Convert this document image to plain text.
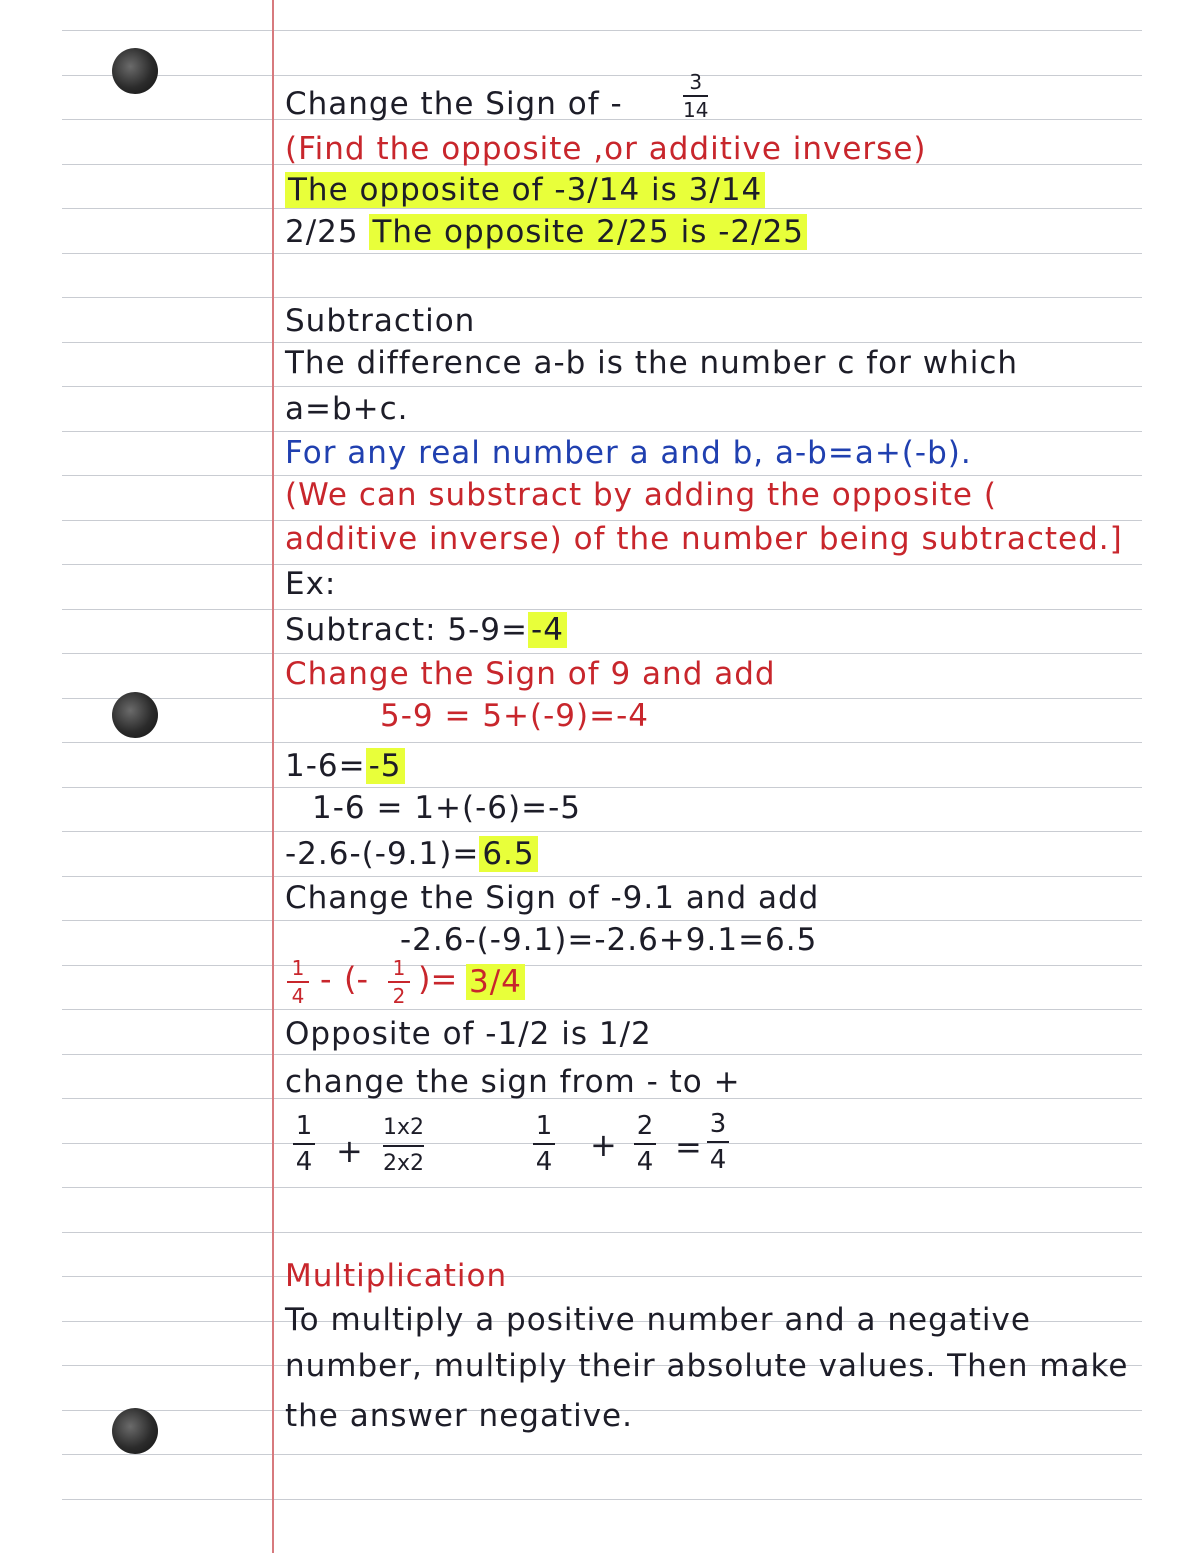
Change the Sign of -
3
14
(Find the opposite ,or additive inverse)
The opposite of -3/14 is 3/14
2/25 The opposite 2/25 is -2/25
Subtraction
The difference a-b is the number c for which
a=b+c.
For any real number a and b, a-b=a+(-b).
(We can substract by adding the opposite (
additive inverse) of the number being subtracted.]
Ex:
Subtract: 5-9=-4
Change the Sign of 9 and add
5-9 = 5+(-9)=-4
1-6=-5
1-6 = 1+(-6)=-5
-2.6-(-9.1)=6.5
Change the Sign of -9.1 and add
-2.6-(-9.1)=-2.6+9.1=6.5
1
4 - (- 1
2 )= 3/4
Opposite of -1/2 is 1/2
change the sign from - to +
1
4 +
1x2
2x2
1
4 + 2
4 =
3
4
Multiplication
To multiply a positive number and a negative
number, multiply their absolute values. Then make
the answer negative.
